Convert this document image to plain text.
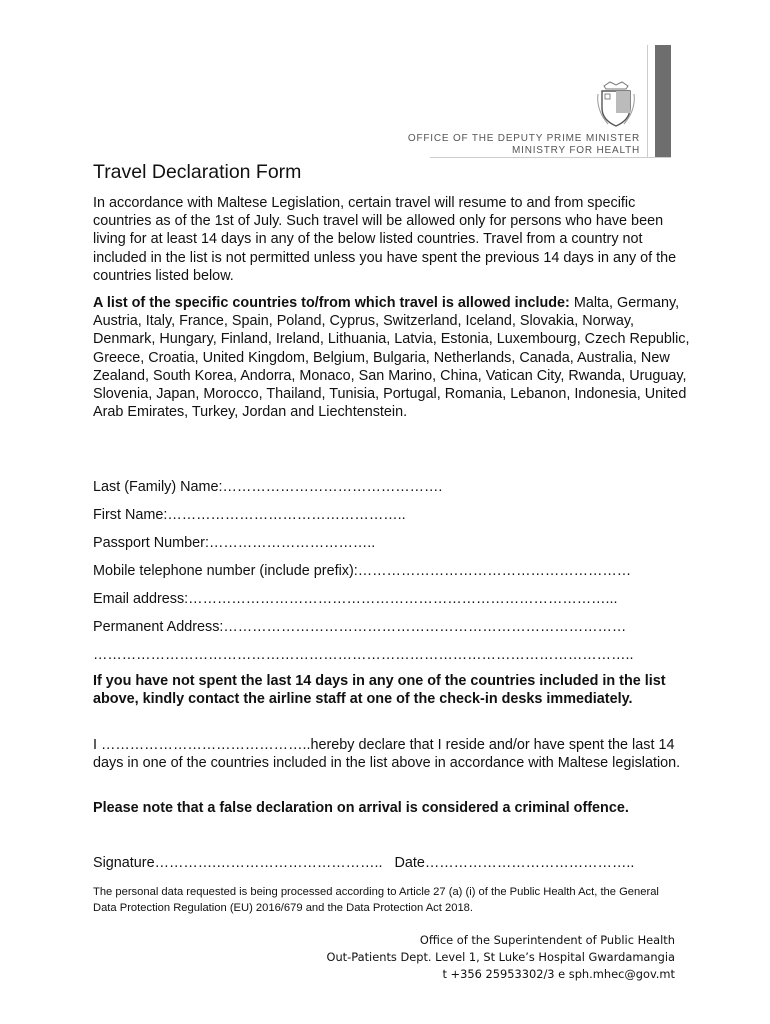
OFFICE OF THE DEPUTY PRIME MINISTER
MINISTRY FOR HEALTH
Travel Declaration Form

In accordance with Maltese Legislation, certain travel will resume to and from specific countries as of the 1st of July. Such travel will be allowed only for persons who have been living for at least 14 days in any of the below listed countries. Travel from a country not included in the list is not permitted unless you have spent the previous 14 days in any of the countries listed below.

A list of the specific countries to/from which travel is allowed include: Malta, Germany, Austria, Italy, France, Spain, Poland, Cyprus, Switzerland, Iceland, Slovakia, Norway, Denmark, Hungary, Finland, Ireland, Lithuania, Latvia, Estonia, Luxembourg, Czech Republic, Greece, Croatia, United Kingdom, Belgium, Bulgaria, Netherlands, Canada, Australia, New Zealand, South Korea, Andorra, Monaco, San Marino, China, Vatican City, Rwanda, Uruguay, Slovenia, Japan, Morocco, Thailand, Tunisia, Portugal, Romania, Lebanon, Indonesia, United Arab Emirates, Turkey, Jordan and Liechtenstein.

Last (Family) Name:……………………………………….
First Name:…………………………………………..
Passport Number:……………………………..
Mobile telephone number (include prefix):…………………………………………………
Email address:……………………………………………………………………………...
Permanent Address:…………………………………………………………………………
…………………………………………………………………………………………………..

If you have not spent the last 14 days in any one of the countries included in the list above, kindly contact the airline staff at one of the check-in desks immediately.

I ……………………………………..hereby declare that I reside and/or have spent the last 14 days in one of the countries included in the list above in accordance with Maltese legislation.

Please note that a false declaration on arrival is considered a criminal offence.

Signature………….…………………………….. Date……………………………………..

The personal data requested is being processed according to Article 27 (a) (i) of the Public Health Act, the General Data Protection Regulation (EU) 2016/679 and the Data Protection Act 2018.

Office of the Superintendent of Public Health
Out-Patients Dept. Level 1, St Luke’s Hospital Gwardamangia
t +356 25953302/3 e sph.mhec@gov.mt
